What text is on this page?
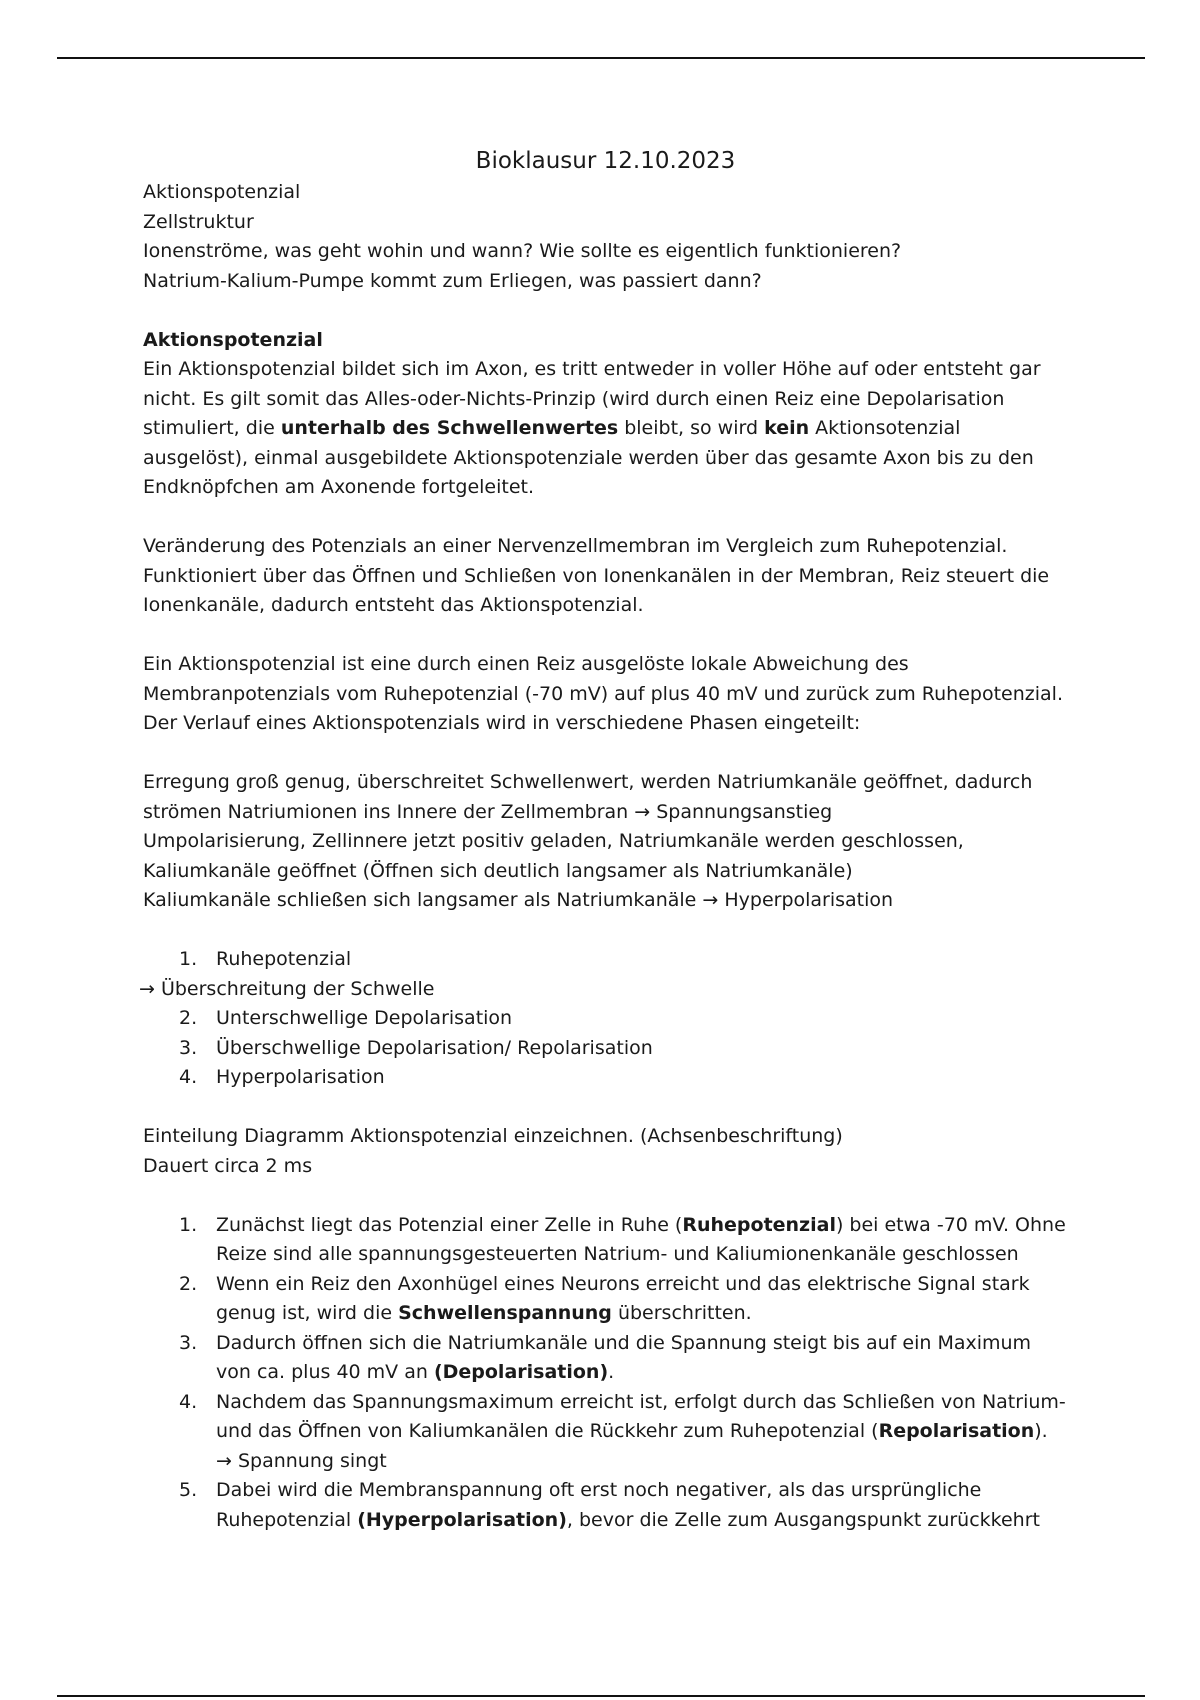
Bioklausur 12.10.2023

Aktionspotenzial

Zellstruktur

Ionenströme, was geht wohin und wann? Wie sollte es eigentlich funktionieren?

Natrium-Kalium-Pumpe kommt zum Erliegen, was passiert dann?

Aktionspotenzial

Ein Aktionspotenzial bildet sich im Axon, es tritt entweder in voller Höhe auf oder entsteht gar nicht. Es gilt somit das Alles-oder-Nichts-Prinzip (wird durch einen Reiz eine Depolarisation stimuliert, die unterhalb des Schwellenwertes bleibt, so wird kein Aktionsotenzial ausgelöst), einmal ausgebildete Aktionspotenziale werden über das gesamte Axon bis zu den Endknöpfchen am Axonende fortgeleitet.

Veränderung des Potenzials an einer Nervenzellmembran im Vergleich zum Ruhepotenzial. Funktioniert über das Öffnen und Schließen von Ionenkanälen in der Membran, Reiz steuert die Ionenkanäle, dadurch entsteht das Aktionspotenzial.

Ein Aktionspotenzial ist eine durch einen Reiz ausgelöste lokale Abweichung des Membranpotenzials vom Ruhepotenzial (-70 mV) auf plus 40 mV und zurück zum Ruhepotenzial. Der Verlauf eines Aktionspotenzials wird in verschiedene Phasen eingeteilt:

Erregung groß genug, überschreitet Schwellenwert, werden Natriumkanäle geöffnet, dadurch strömen Natriumionen ins Innere der Zellmembran → Spannungsanstieg

Umpolarisierung, Zellinnere jetzt positiv geladen, Natriumkanäle werden geschlossen, Kaliumkanäle geöffnet (Öffnen sich deutlich langsamer als Natriumkanäle)

Kaliumkanäle schließen sich langsamer als Natriumkanäle → Hyperpolarisation

1. Ruhepotenzial

→ Überschreitung der Schwelle

2. Unterschwellige Depolarisation
3. Überschwellige Depolarisation/ Repolarisation
4. Hyperpolarisation

Einteilung Diagramm Aktionspotenzial einzeichnen. (Achsenbeschriftung)

Dauert circa 2 ms

1. Zunächst liegt das Potenzial einer Zelle in Ruhe (Ruhepotenzial) bei etwa -70 mV. Ohne Reize sind alle spannungsgesteuerten Natrium- und Kaliumionenkanäle geschlossen
2. Wenn ein Reiz den Axonhügel eines Neurons erreicht und das elektrische Signal stark genug ist, wird die Schwellenspannung überschritten.
3. Dadurch öffnen sich die Natriumkanäle und die Spannung steigt bis auf ein Maximum von ca. plus 40 mV an (Depolarisation).
4. Nachdem das Spannungsmaximum erreicht ist, erfolgt durch das Schließen von Natrium- und das Öffnen von Kaliumkanälen die Rückkehr zum Ruhepotenzial (Repolarisation). → Spannung singt
5. Dabei wird die Membranspannung oft erst noch negativer, als das ursprüngliche Ruhepotenzial (Hyperpolarisation), bevor die Zelle zum Ausgangspunkt zurückkehrt
